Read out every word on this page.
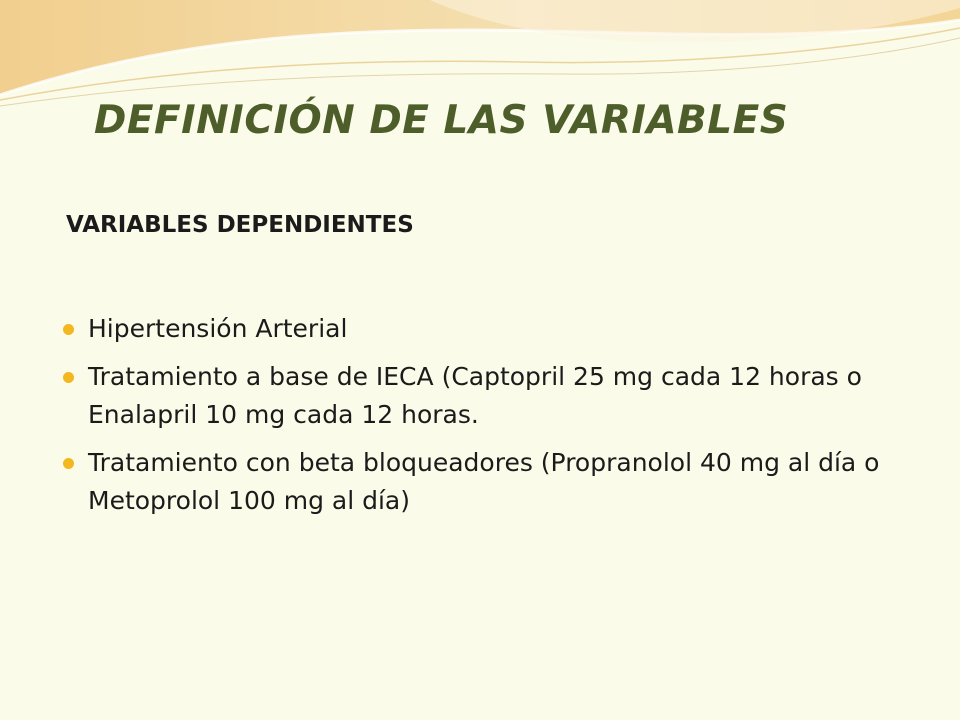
DEFINICIÓN DE LAS VARIABLES
VARIABLES DEPENDIENTES
Hipertensión Arterial
Tratamiento a base de IECA (Captopril 25 mg cada 12 horas o Enalapril 10 mg cada 12 horas.
Tratamiento con beta bloqueadores (Propranolol 40 mg al día o Metoprolol 100 mg al día)
